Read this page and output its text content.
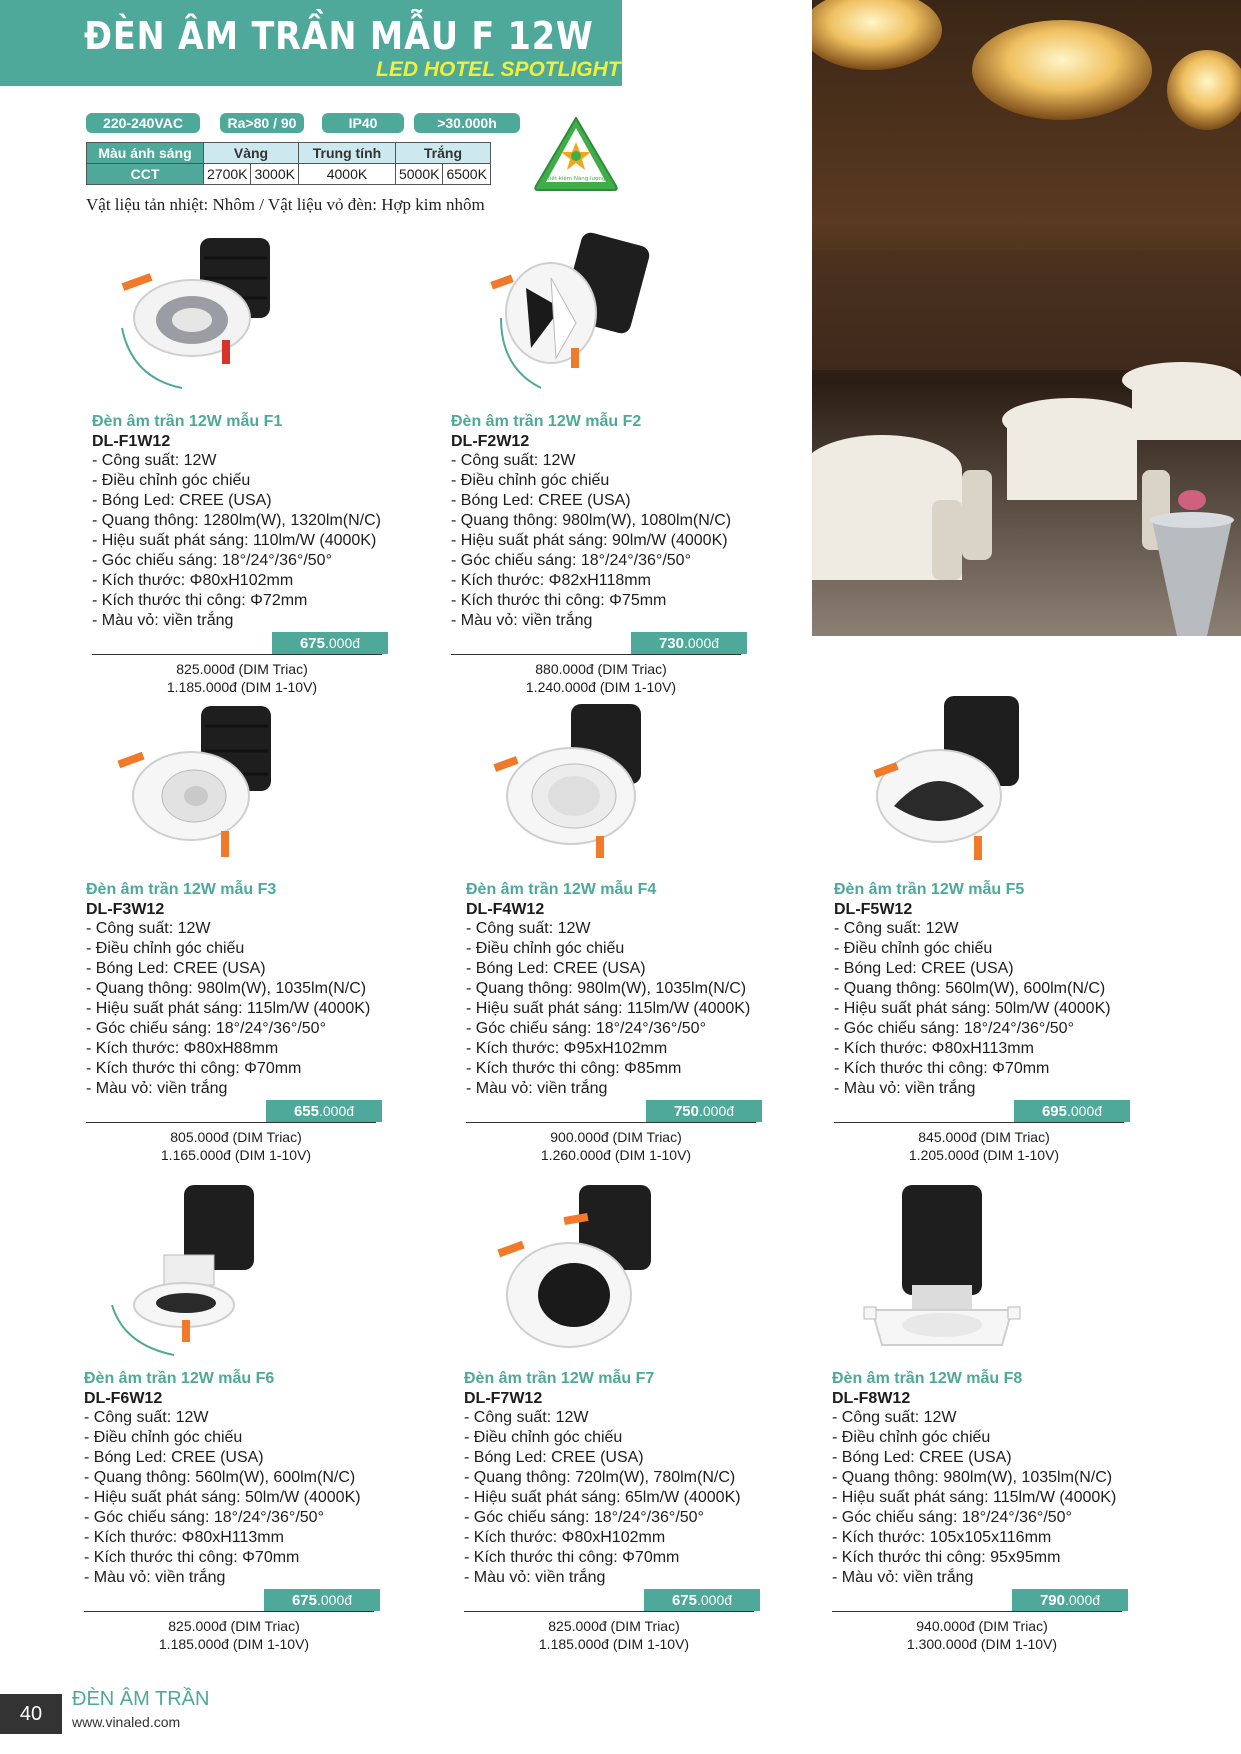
ĐÈN ÂM TRẦN MẪU F 12W
LED HOTEL SPOTLIGHT
220-240VAC	Ra>80 / 90	IP40	>30.000h
Màu ánh sáng	Vàng		Trung tính	Trắng	
CCT	2700K	3000K	4000K	5000K	6500K
Vật liệu tản nhiệt: Nhôm / Vật liệu vỏ đèn: Hợp kim nhôm
Tiết kiệm Năng lượng
Đèn âm trần 12W mẫu F1
DL-F1W12
- Công suất: 12W
- Điều chỉnh góc chiếu
- Bóng Led: CREE (USA)
- Quang thông: 1280lm(W), 1320lm(N/C)
- Hiệu suất phát sáng: 110lm/W (4000K)
- Góc chiếu sáng: 18°/24°/36°/50°
- Kích thước: Φ80xH102mm
- Kích thước thi công: Φ72mm
- Màu vỏ: viền trắng
675.000đ
825.000đ (DIM Triac)
1.185.000đ (DIM 1-10V)
Đèn âm trần 12W mẫu F2
DL-F2W12
- Công suất: 12W
- Điều chỉnh góc chiếu
- Bóng Led: CREE (USA)
- Quang thông: 980lm(W), 1080lm(N/C)
- Hiệu suất phát sáng: 90lm/W (4000K)
- Góc chiếu sáng: 18°/24°/36°/50°
- Kích thước: Φ82xH118mm
- Kích thước thi công: Φ75mm
- Màu vỏ: viền trắng
730.000đ
880.000đ (DIM Triac)
1.240.000đ (DIM 1-10V)
Đèn âm trần 12W mẫu F3
DL-F3W12
- Công suất: 12W
- Điều chỉnh góc chiếu
- Bóng Led: CREE (USA)
- Quang thông: 980lm(W), 1035lm(N/C)
- Hiệu suất phát sáng: 115lm/W (4000K)
- Góc chiếu sáng: 18°/24°/36°/50°
- Kích thước: Φ80xH88mm
- Kích thước thi công: Φ70mm
- Màu vỏ: viền trắng
655.000đ
805.000đ (DIM Triac)
1.165.000đ (DIM 1-10V)
Đèn âm trần 12W mẫu F4
DL-F4W12
- Công suất: 12W
- Điều chỉnh góc chiếu
- Bóng Led: CREE (USA)
- Quang thông: 980lm(W), 1035lm(N/C)
- Hiệu suất phát sáng: 115lm/W (4000K)
- Góc chiếu sáng: 18°/24°/36°/50°
- Kích thước: Φ95xH102mm
- Kích thước thi công: Φ85mm
- Màu vỏ: viền trắng
750.000đ
900.000đ (DIM Triac)
1.260.000đ (DIM 1-10V)
Đèn âm trần 12W mẫu F5
DL-F5W12
- Công suất: 12W
- Điều chỉnh góc chiếu
- Bóng Led: CREE (USA)
- Quang thông: 560lm(W), 600lm(N/C)
- Hiệu suất phát sáng: 50lm/W (4000K)
- Góc chiếu sáng: 18°/24°/36°/50°
- Kích thước: Φ80xH113mm
- Kích thước thi công: Φ70mm
- Màu vỏ: viền trắng
695.000đ
845.000đ (DIM Triac)
1.205.000đ (DIM 1-10V)
Đèn âm trần 12W mẫu F6
DL-F6W12
- Công suất: 12W
- Điều chỉnh góc chiếu
- Bóng Led: CREE (USA)
- Quang thông: 560lm(W), 600lm(N/C)
- Hiệu suất phát sáng: 50lm/W (4000K)
- Góc chiếu sáng: 18°/24°/36°/50°
- Kích thước: Φ80xH113mm
- Kích thước thi công: Φ70mm
- Màu vỏ: viền trắng
675.000đ
825.000đ (DIM Triac)
1.185.000đ (DIM 1-10V)
Đèn âm trần 12W mẫu F7
DL-F7W12
- Công suất: 12W
- Điều chỉnh góc chiếu
- Bóng Led: CREE (USA)
- Quang thông: 720lm(W), 780lm(N/C)
- Hiệu suất phát sáng: 65lm/W (4000K)
- Góc chiếu sáng: 18°/24°/36°/50°
- Kích thước: Φ80xH102mm
- Kích thước thi công: Φ70mm
- Màu vỏ: viền trắng
675.000đ
825.000đ (DIM Triac)
1.185.000đ (DIM 1-10V)
Đèn âm trần 12W mẫu F8
DL-F8W12
- Công suất: 12W
- Điều chỉnh góc chiếu
- Bóng Led: CREE (USA)
- Quang thông: 980lm(W), 1035lm(N/C)
- Hiệu suất phát sáng: 115lm/W (4000K)
- Góc chiếu sáng: 18°/24°/36°/50°
- Kích thước: 105x105x116mm
- Kích thước thi công: 95x95mm
- Màu vỏ: viền trắng
790.000đ
940.000đ (DIM Triac)
1.300.000đ (DIM 1-10V)
40
ĐÈN ÂM TRẦN
www.vinaled.com
